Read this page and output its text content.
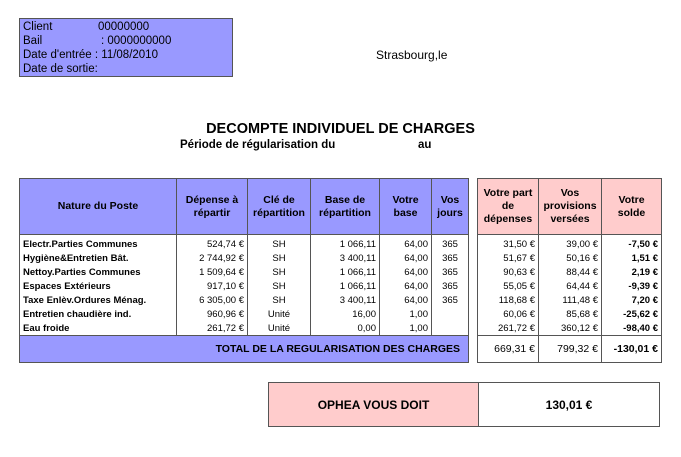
Client	00000000
Bail	: 0000000000
Date d'entrée : 11/08/2010
Date de sortie:
Strasbourg,le
DECOMPTE INDIVIDUEL DE CHARGES
Période de régularisation du	au
Nature du Poste	Dépense à répartir	Clé de répartition	Base de répartition	Votre base	Vos jours		Votre part de dépenses	Vos provisions versées	Votre solde
Electr.Parties Communes	524,74 €	SH	1 066,11	64,00	365		31,50 €	39,00 €	-7,50 €
Hygiène&Entretien Bât.	2 744,92 €	SH	3 400,11	64,00	365		51,67 €	50,16 €	1,51 €
Nettoy.Parties Communes	1 509,64 €	SH	1 066,11	64,00	365		90,63 €	88,44 €	2,19 €
Espaces Extérieurs	917,10 €	SH	1 066,11	64,00	365		55,05 €	64,44 €	-9,39 €
Taxe Enlèv.Ordures Ménag.	6 305,00 €	SH	3 400,11	64,00	365		118,68 €	111,48 €	7,20 €
Entretien chaudière ind.	960,96 €	Unité	16,00	1,00			60,06 €	85,68 €	-25,62 €
Eau froide	261,72 €	Unité	0,00	1,00			261,72 €	360,12 €	-98,40 €
TOTAL DE LA REGULARISATION DES CHARGES							669,31 €	799,32 €	-130,01 €
OPHEA VOUS DOIT	130,01 €
